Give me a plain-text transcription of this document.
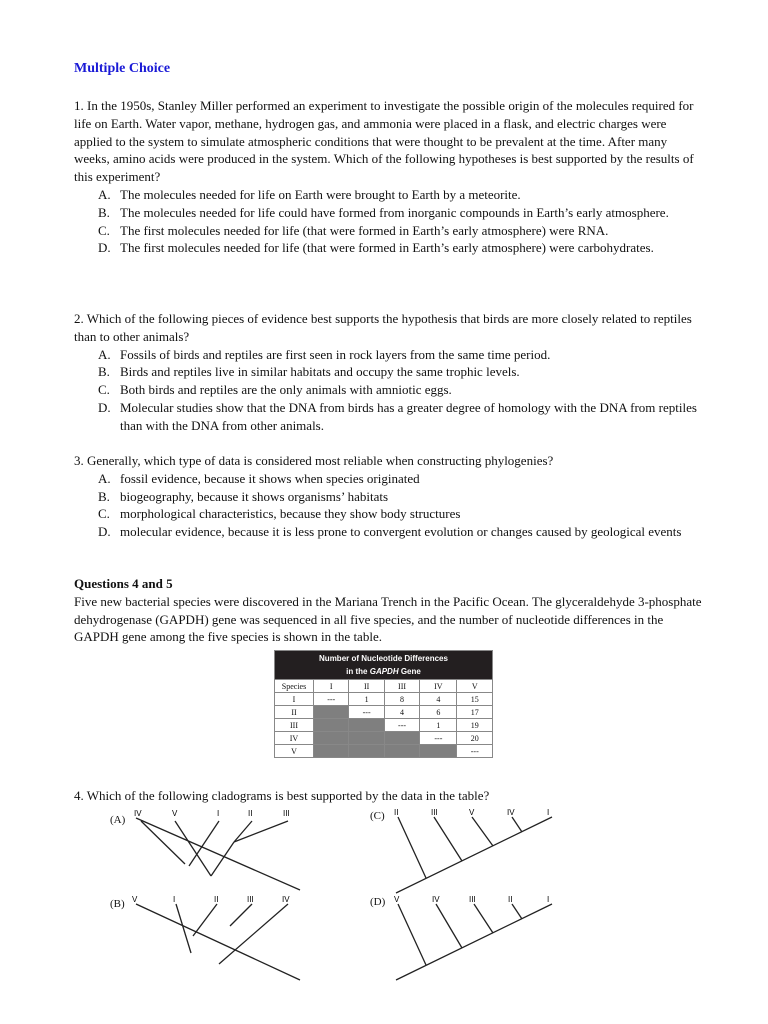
Multiple Choice

1. In the 1950s, Stanley Miller performed an experiment to investigate the possible origin of the molecules required for life on Earth. Water vapor, methane, hydrogen gas, and ammonia were placed in a flask, and electric charges were applied to the system to simulate atmospheric conditions that were thought to be prevalent at the time. After many weeks, amino acids were produced in the system. Which of the following hypotheses is best supported by the results of this experiment?

A. The molecules needed for life on Earth were brought to Earth by a meteorite.
B. The molecules needed for life could have formed from inorganic compounds in Earth’s early atmosphere.
C. The first molecules needed for life (that were formed in Earth’s early atmosphere) were RNA.
D. The first molecules needed for life (that were formed in Earth’s early atmosphere) were carbohydrates.

2. Which of the following pieces of evidence best supports the hypothesis that birds are more closely related to reptiles than to other animals?

A. Fossils of birds and reptiles are first seen in rock layers from the same time period.
B. Birds and reptiles live in similar habitats and occupy the same trophic levels.
C. Both birds and reptiles are the only animals with amniotic eggs.
D. Molecular studies show that the DNA from birds has a greater degree of homology with the DNA from reptiles than with the DNA from other animals.

3. Generally, which type of data is considered most reliable when constructing phylogenies?

A. fossil evidence, because it shows when species originated
B. biogeography, because it shows organisms’ habitats
C. morphological characteristics, because they show body structures
D. molecular evidence, because it is less prone to convergent evolution or changes caused by geological events

Questions 4 and 5

Five new bacterial species were discovered in the Mariana Trench in the Pacific Ocean. The glyceraldehyde 3-phosphate dehydrogenase (GAPDH) gene was sequenced in all five species, and the number of nucleotide differences in the GAPDH gene among the five species is shown in the table.

Number of Nucleotide Differences
in the GAPDH Gene					
Species	I	II	III	IV	V
I	---	1	8	4	15
II		---	4	6	17
III			---	1	19
IV				---	20
V					---

4. Which of the following cladograms is best supported by the data in the table?

(A)
IV	V	I	II	III	(C) II	III	V	IV	I
(B) V	I	II	III	IV	(D) V	IV	III	II	I
